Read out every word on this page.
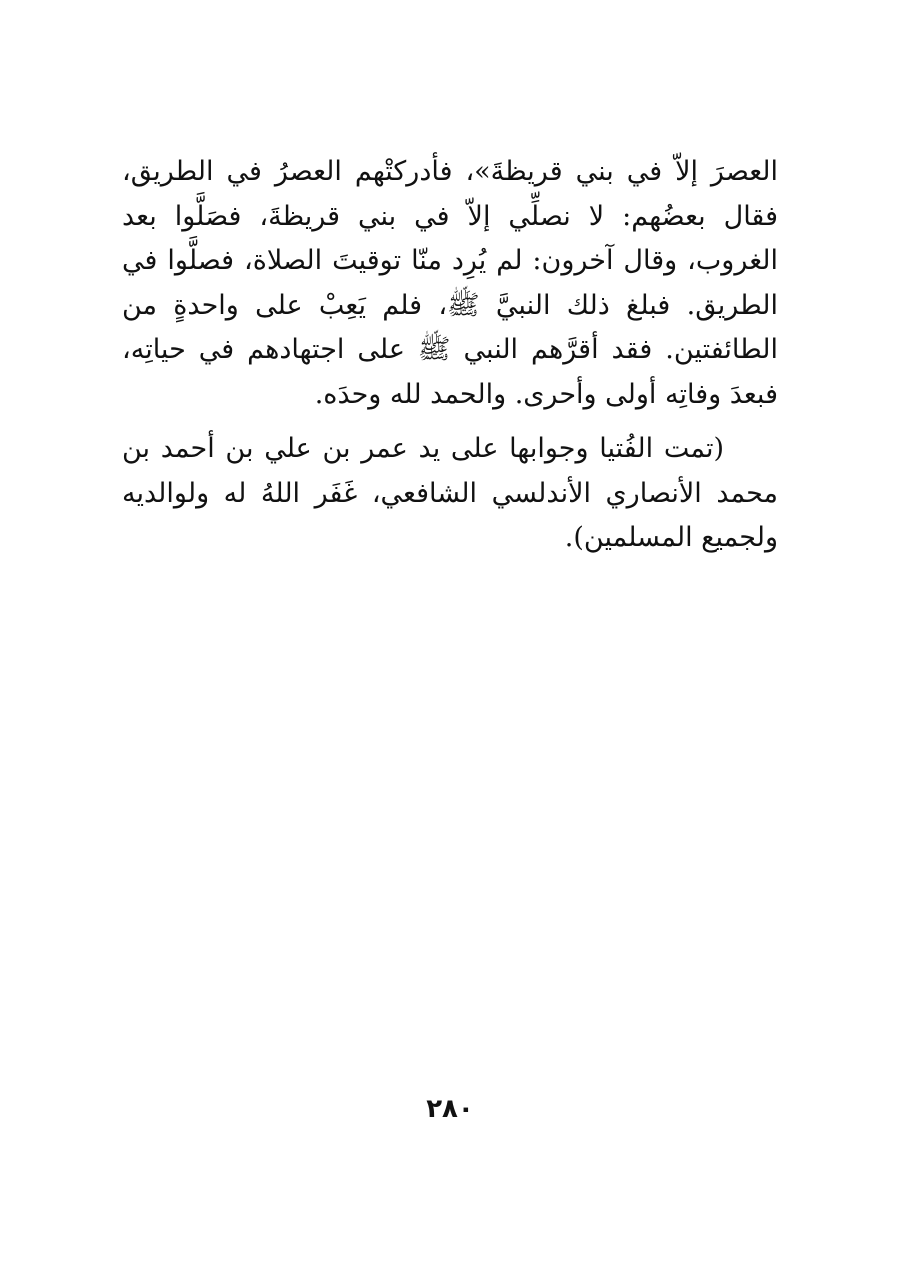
العصرَ إلاّ في بني قريظةَ»، فأدركتْهم العصرُ في الطريق، فقال بعضُهم: لا نصلِّي إلاّ في بني قريظةَ، فصَلَّوا بعد الغروب، وقال آخرون: لم يُرِد منّا توقيتَ الصلاة، فصلَّوا في الطريق. فبلغ ذلك النبيَّ ﷺ، فلم يَعِبْ على واحدةٍ من الطائفتين. فقد أقرَّهم النبي ﷺ على اجتهادهم في حياتِه، فبعدَ وفاتِه أولى وأحرى. والحمد لله وحدَه.

(تمت الفُتيا وجوابها على يد عمر بن علي بن أحمد بن محمد الأنصاري الأندلسي الشافعي، غَفَر اللهُ له ولوالديه ولجميع المسلمين).

٢٨٠
